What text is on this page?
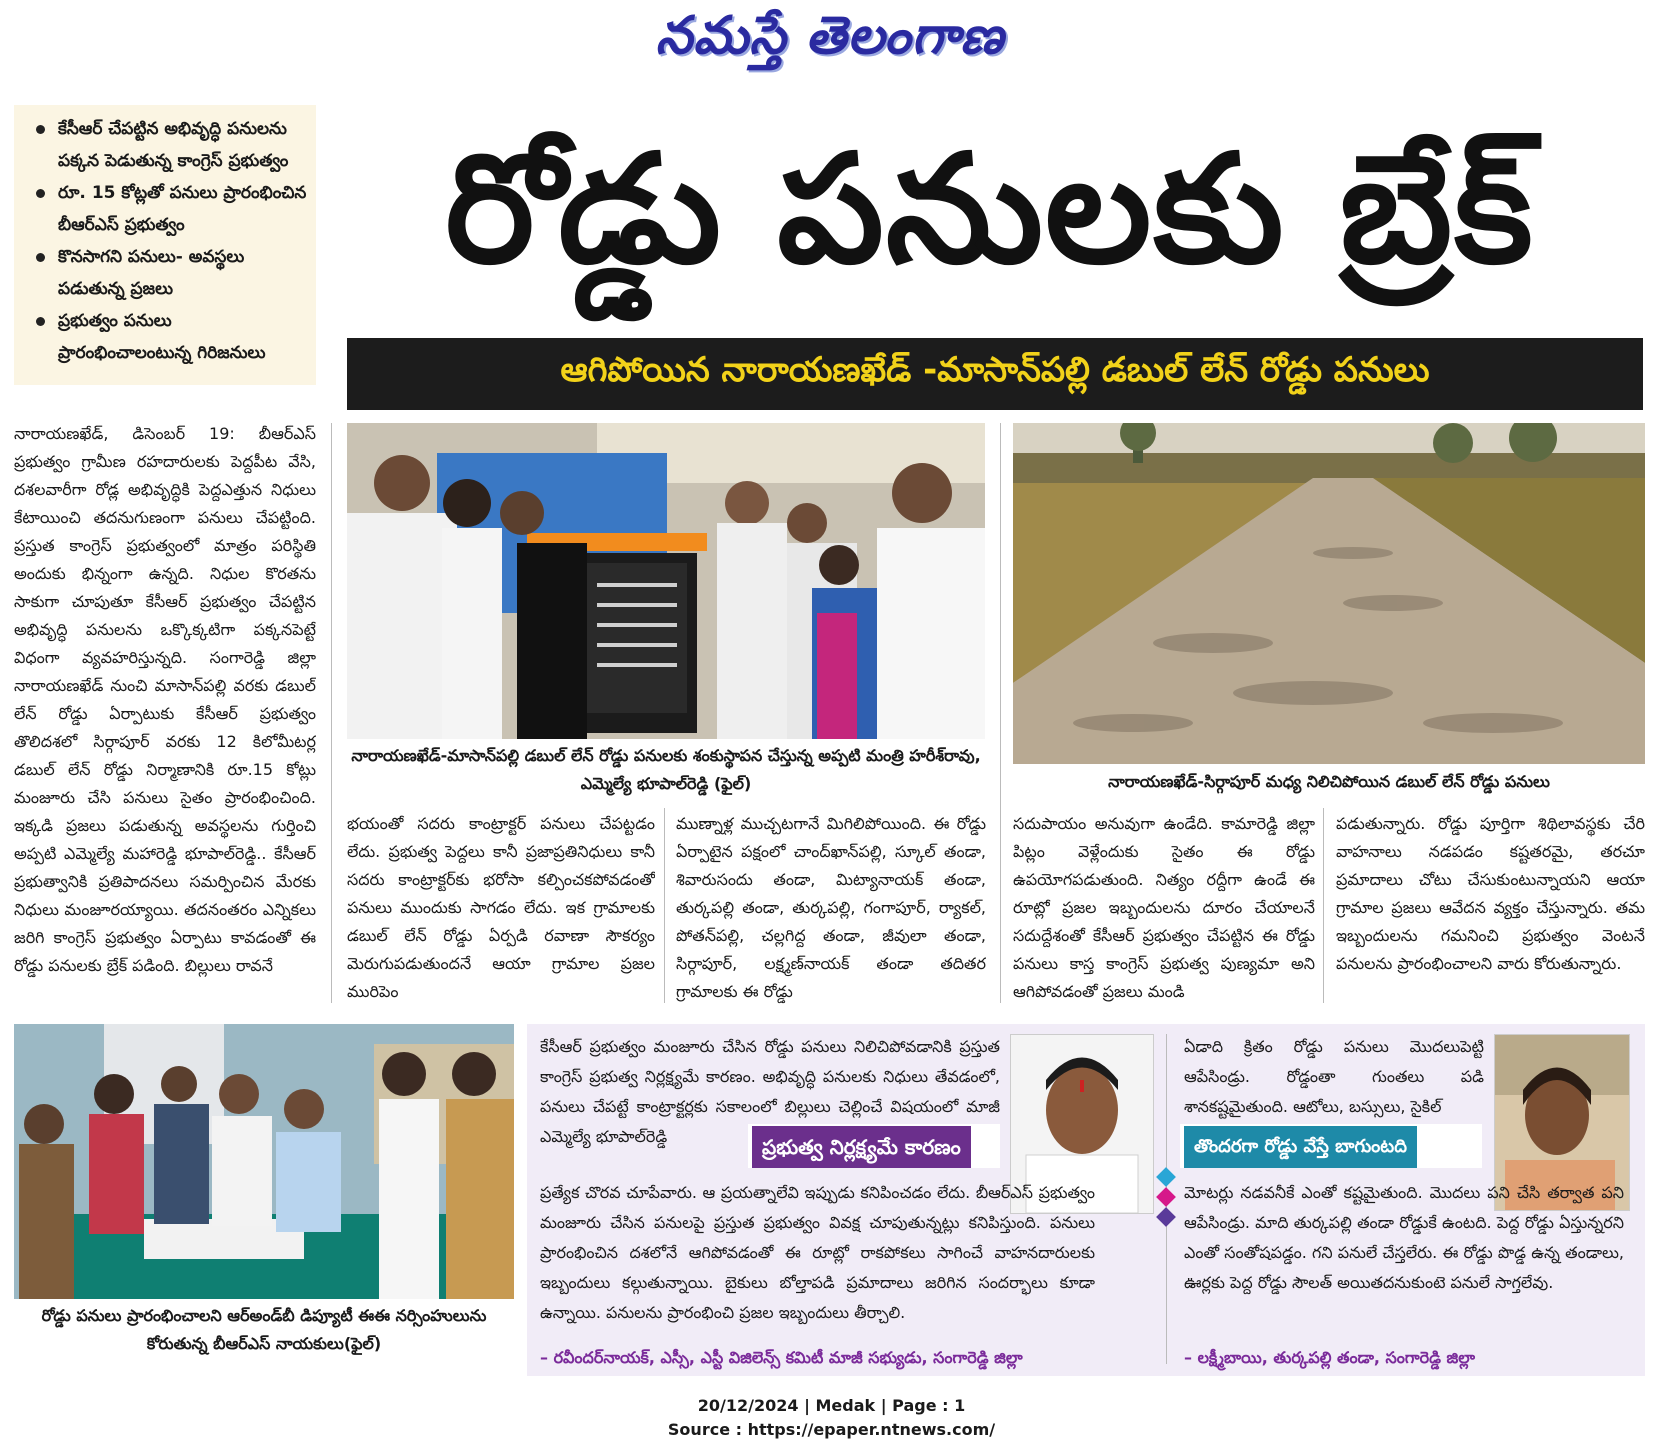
నమస్తే తెలంగాణ
కేసీఆర్ చేపట్టిన అభివృద్ధి పనులను పక్కన పెడుతున్న కాంగ్రెస్ ప్రభుత్వం
రూ. 15 కోట్లతో పనులు ప్రారంభించిన బీఆర్ఎస్ ప్రభుత్వం
కొనసాగని పనులు- అవస్థలు పడుతున్న ప్రజలు
ప్రభుత్వం పనులు ప్రారంభించాలంటున్న గిరిజనులు
రోడ్డు పనులకు బ్రేక్
ఆగిపోయిన నారాయణఖేడ్ -మాసాన్‌పల్లి డబుల్ లేన్ రోడ్డు పనులు
నారాయణఖేడ్, డిసెంబర్ 19: బీఆర్ఎస్ ప్రభుత్వం గ్రామీణ రహదారులకు పెద్దపీట వేసి, దశలవారీగా రోడ్ల అభివృద్ధికి పెద్దఎత్తున నిధులు కేటాయించి తదనుగుణంగా పనులు చేపట్టింది. ప్రస్తుత కాంగ్రెస్ ప్రభుత్వంలో మాత్రం పరిస్థితి అందుకు భిన్నంగా ఉన్నది. నిధుల కొరతను సాకుగా చూపుతూ కేసీఆర్ ప్రభుత్వం చేపట్టిన అభివృద్ధి పనులను ఒక్కొక్కటిగా పక్కనపెట్టే విధంగా వ్యవహరిస్తున్నది. సంగారెడ్డి జిల్లా నారాయణఖేడ్ నుంచి మాసాన్‌పల్లి వరకు డబుల్ లేన్ రోడ్డు ఏర్పాటుకు కేసీఆర్ ప్రభుత్వం తొలిదశలో సిర్గాపూర్ వరకు 12 కిలోమీటర్ల డబుల్ లేన్ రోడ్డు నిర్మాణానికి రూ.15 కోట్లు మంజూరు చేసి పనులు సైతం ప్రారంభించింది. ఇక్కడి ప్రజలు పడుతున్న అవస్థలను గుర్తించి అప్పటి ఎమ్మెల్యే మహారెడ్డి భూపాల్‌రెడ్డి.. కేసీఆర్ ప్రభుత్వానికి ప్రతిపాదనలు సమర్పించిన మేరకు నిధులు మంజూరయ్యాయి. తదనంతరం ఎన్నికలు జరిగి కాంగ్రెస్ ప్రభుత్వం ఏర్పాటు కావడంతో ఈ రోడ్డు పనులకు బ్రేక్ పడింది. బిల్లులు రావనే
నారాయణఖేడ్-మాసాన్‌పల్లి డబుల్ లేన్ రోడ్డు పనులకు శంకుస్థాపన చేస్తున్న అప్పటి మంత్రి హరీశ్‌రావు, ఎమ్మెల్యే భూపాల్‌రెడ్డి (ఫైల్)	నారాయణఖేడ్-సిర్గాపూర్ మధ్య నిలిచిపోయిన డబుల్ లేన్ రోడ్డు పనులు
భయంతో సదరు కాంట్రాక్టర్ పనులు చేపట్టడం లేదు. ప్రభుత్వ పెద్దలు కానీ ప్రజాప్రతినిధులు కానీ సదరు కాంట్రాక్టర్‌కు భరోసా కల్పించకపోవడంతో పనులు ముందుకు సాగడం లేదు. ఇక గ్రామాలకు డబుల్ లేన్ రోడ్డు ఏర్పడి రవాణా సౌకర్యం మెరుగుపడుతుందనే ఆయా గ్రామాల ప్రజల మురిపెం
ముణ్నాళ్ల ముచ్చటగానే మిగిలిపోయింది. ఈ రోడ్డు ఏర్పాటైన పక్షంలో చాంద్‌ఖాన్‌పల్లి, స్కూల్ తండా, శివారుసందు తండా, మిట్యానాయక్ తండా, తుర్కపల్లి తండా, తుర్కపల్లి, గంగాపూర్, ర్యాకల్, పోతన్‌పల్లి, చల్లగిద్ద తండా, జీవులా తండా, సిర్గాపూర్, లక్ష్మణ్‌నాయక్ తండా తదితర గ్రామాలకు ఈ రోడ్డు
సదుపాయం అనువుగా ఉండేది. కామారెడ్డి జిల్లా పిట్లం వెళ్లేందుకు సైతం ఈ రోడ్డు ఉపయోగపడుతుంది. నిత్యం రద్దీగా ఉండే ఈ రూట్లో ప్రజల ఇబ్బందులను దూరం చేయాలనే సదుద్దేశంతో కేసీఆర్ ప్రభుత్వం చేపట్టిన ఈ రోడ్డు పనులు కాస్త కాంగ్రెస్ ప్రభుత్వ పుణ్యమా అని ఆగిపోవడంతో ప్రజలు మండి
పడుతున్నారు. రోడ్డు పూర్తిగా శిథిలావస్థకు చేరి వాహనాలు నడపడం కష్టతరమై, తరచూ ప్రమాదాలు చోటు చేసుకుంటున్నాయని ఆయా గ్రామాల ప్రజలు ఆవేదన వ్యక్తం చేస్తున్నారు. తమ ఇబ్బందులను గమనించి ప్రభుత్వం వెంటనే పనులను ప్రారంభించాలని వారు కోరుతున్నారు.
రోడ్డు పనులు ప్రారంభించాలని ఆర్అండ్‌బీ డిప్యూటీ ఈఈ నర్సింహులును కోరుతున్న బీఆర్ఎస్ నాయకులు(ఫైల్)
కేసీఆర్ ప్రభుత్వం మంజూరు చేసిన రోడ్డు పనులు నిలిచిపోవడానికి ప్రస్తుత కాంగ్రెస్ ప్రభుత్వ నిర్లక్ష్యమే కారణం. అభివృద్ధి పనులకు నిధులు తేవడంలో, పనులు చేపట్టే కాంట్రాక్టర్లకు సకాలంలో బిల్లులు చెల్లించే విషయంలో మాజీ ఎమ్మెల్యే భూపాల్‌రెడ్డి	ప్రభుత్వ నిర్లక్ష్యమే కారణం
ప్రత్యేక చొరవ చూపేవారు. ఆ ప్రయత్నాలేవి ఇప్పుడు కనిపించడం లేదు. బీఆర్ఎస్ ప్రభుత్వం మంజూరు చేసిన పనులపై ప్రస్తుత ప్రభుత్వం వివక్ష చూపుతున్నట్లు కనిపిస్తుంది. పనులు ప్రారంభించిన దశలోనే ఆగిపోవడంతో ఈ రూట్లో రాకపోకలు సాగించే వాహనదారులకు ఇబ్బందులు కల్గుతున్నాయి. బైకులు బోల్తాపడి ప్రమాదాలు జరిగిన సందర్భాలు కూడా ఉన్నాయి. పనులను ప్రారంభించి ప్రజల ఇబ్బందులు తీర్చాలి.
– రవీందర్‌నాయక్, ఎస్సీ, ఎస్టీ విజిలెన్స్ కమిటీ మాజీ సభ్యుడు, సంగారెడ్డి జిల్లా
ఏడాది క్రితం రోడ్డు పనులు మొదలుపెట్టి ఆపేసిండ్రు. రోడ్డంతా గుంతలు పడి శానకష్టమైతుంది. ఆటోలు, బస్సులు, సైకిల్
తొందరగా రోడ్డు వేస్తే బాగుంటది
మోటర్లు నడవనీకే ఎంతో కష్టమైతుంది. మొదలు పని చేసి తర్వాత పని ఆపేసిండ్రు. మాది తుర్కపల్లి తండా రోడ్డుకే ఉంటది. పెద్ద రోడ్డు ఏస్తున్నరని ఎంతో సంతోషపడ్డం. గని పనులే చేస్తలేరు. ఈ రోడ్డు పొడ్డ ఉన్న తండాలు, ఊర్లకు పెద్ద రోడ్డు సౌలత్ అయితదనుకుంటె పనులే సాగ్తలేవు.
– లక్ష్మీబాయి, తుర్కపల్లి తండా, సంగారెడ్డి జిల్లా
20/12/2024 | Medak | Page : 1
Source : https://epaper.ntnews.com/
